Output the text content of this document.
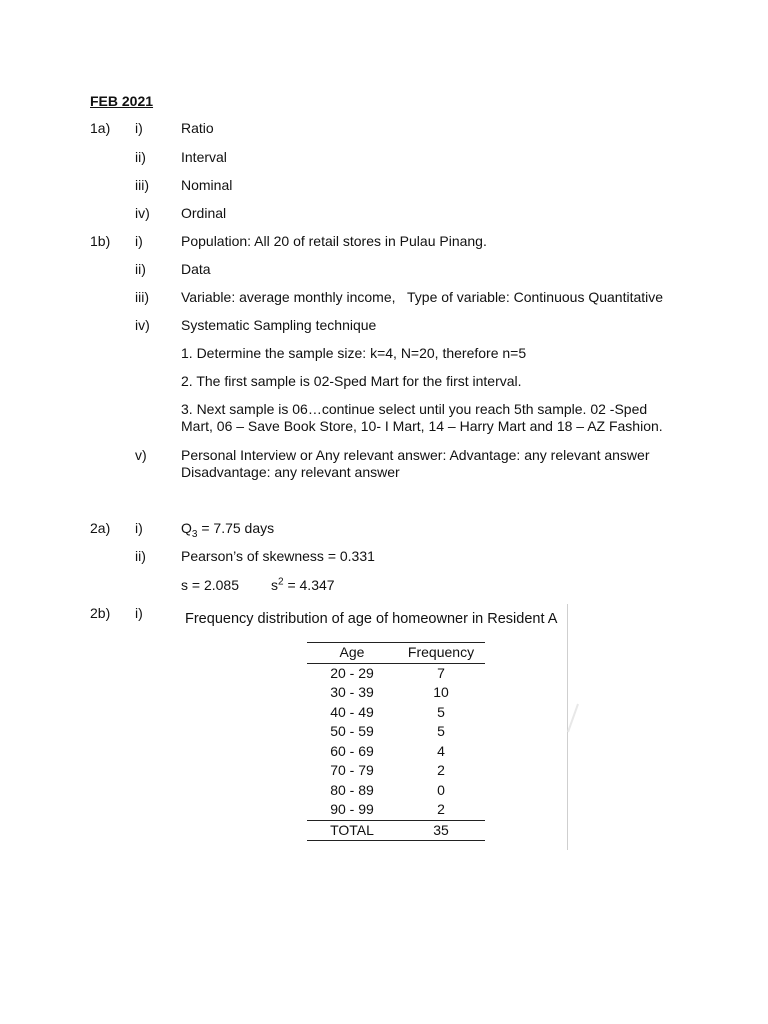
FEB 2021
1a) i)	Ratio
ii)	Interval
iii) Nominal
iv) Ordinal
1b) i)	Population: All 20 of retail stores in Pulau Pinang.
ii)	Data
iii) Variable: average monthly income, Type of variable: Continuous Quantitative
iv) Systematic Sampling technique
1. Determine the sample size: k=4, N=20, therefore n=5
2. The first sample is 02-Sped Mart for the first interval.
3. Next sample is 06…continue select until you reach 5th sample. 02 -Sped Mart, 06 – Save Book Store, 10- I Mart, 14 – Harry Mart and 18 – AZ Fashion.
v) Personal Interview or Any relevant answer: Advantage: any relevant answer
Disadvantage: any relevant answer
2a) i)	$Q_3 = 7.75$ days
ii)	Pearson’s of skewness = 0.331
s = 2.085 $s^2 = 4.347$
2b) i)	Frequency distribution of age of homeowner in Resident A
Age	Frequency
20 - 29	7
30 - 39	10
40 - 49	5
50 - 59	5
60 - 69	4
70 - 79	2
80 - 89	0
90 - 99	2
TOTAL	35
